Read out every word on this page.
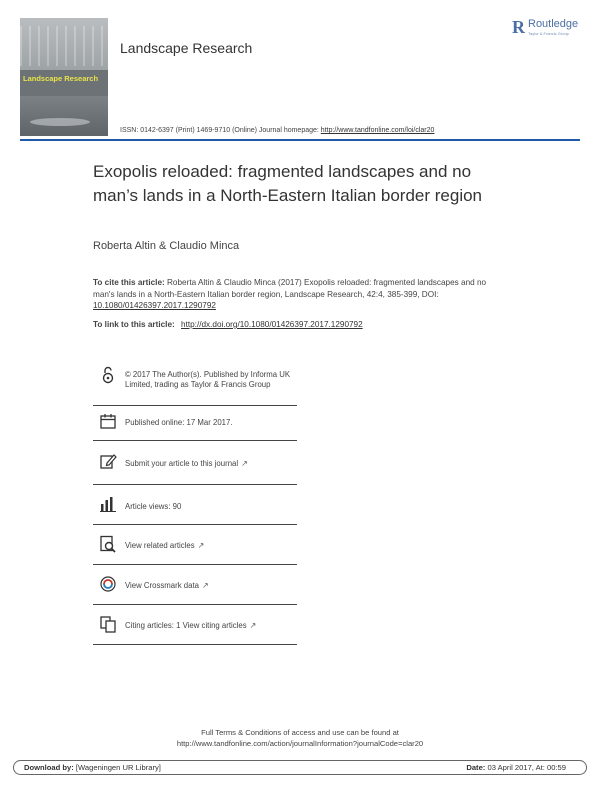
Landscape Research
Landscape Research
R Routledge
Taylor & Francis Group
ISSN: 0142-6397 (Print) 1469-9710 (Online) Journal homepage: http://www.tandfonline.com/loi/clar20
Exopolis reloaded: fragmented landscapes and no man’s lands in a North-Eastern Italian border region
Roberta Altin & Claudio Minca
To cite this article: Roberta Altin & Claudio Minca (2017) Exopolis reloaded: fragmented landscapes and no man's lands in a North-Eastern Italian border region, Landscape Research, 42:4, 385-399, DOI: 10.1080/01426397.2017.1290792
To link to this article: http://dx.doi.org/10.1080/01426397.2017.1290792
© 2017 The Author(s). Published by Informa UK Limited, trading as Taylor & Francis Group
Published online: 17 Mar 2017.
Submit your article to this journal ↗
Article views: 90
View related articles ↗
View Crossmark data ↗
Citing articles: 1 View citing articles ↗
Full Terms & Conditions of access and use can be found at
http://www.tandfonline.com/action/journalInformation?journalCode=clar20
Download by: [Wageningen UR Library]	Date: 03 April 2017, At: 00:59
